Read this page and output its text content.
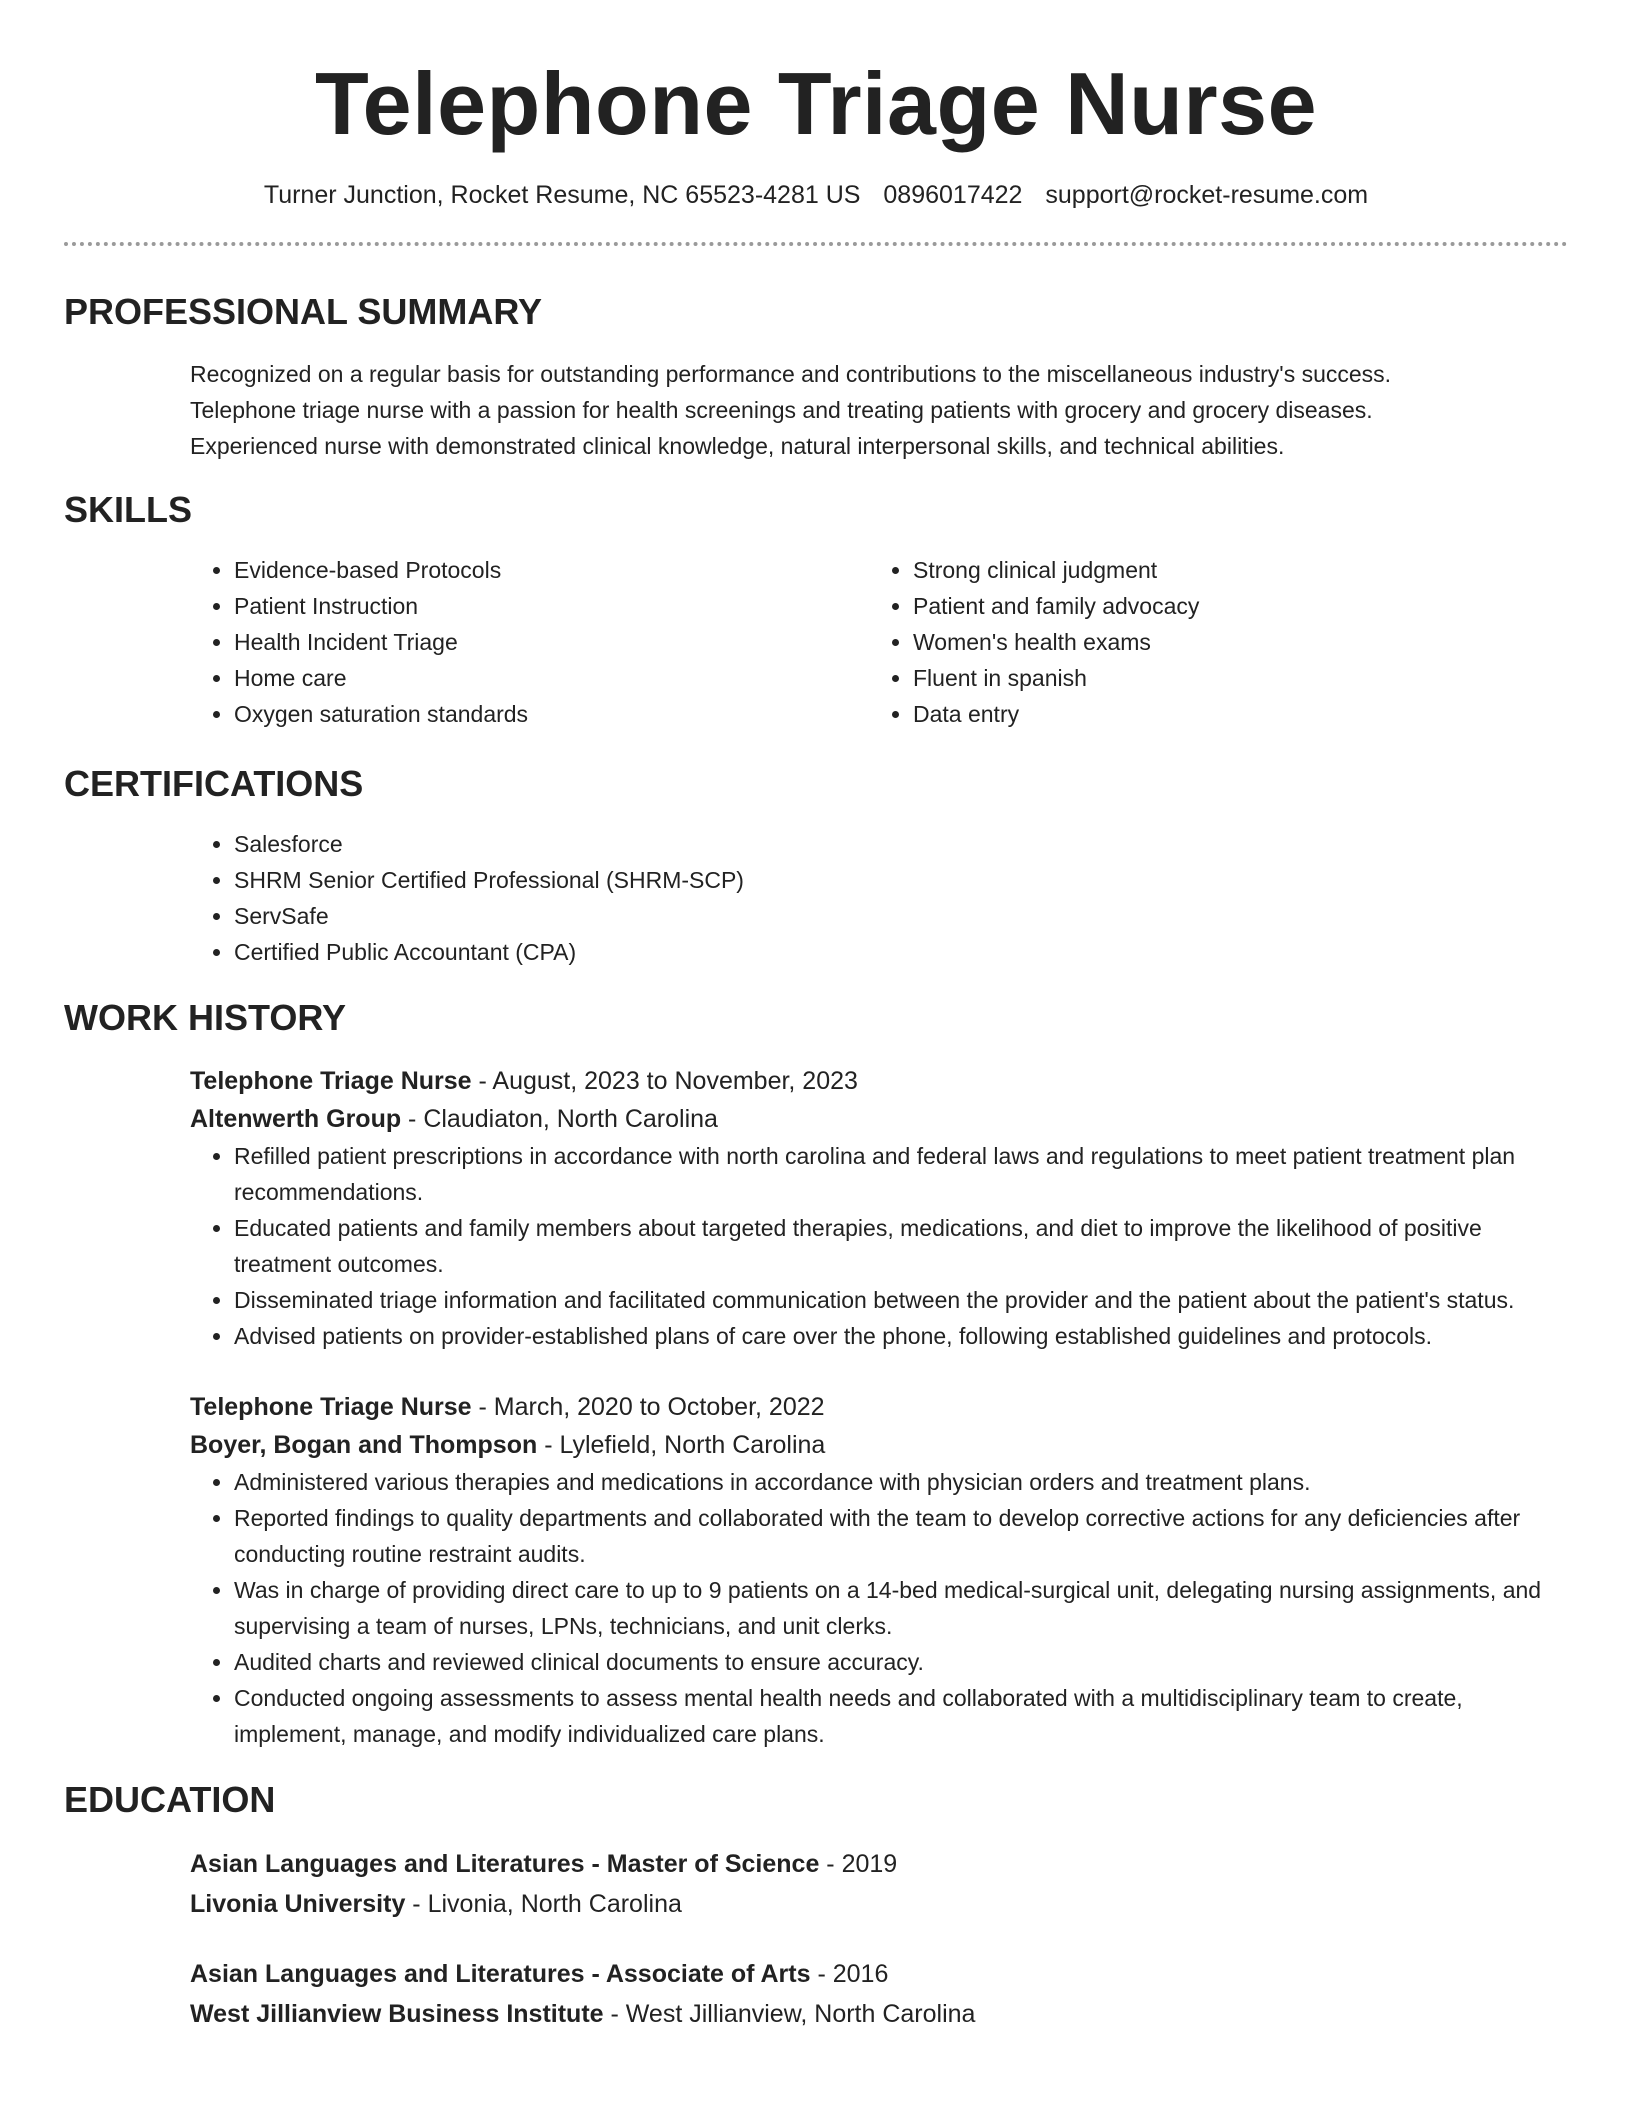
Telephone Triage Nurse
Turner Junction, Rocket Resume, NC 65523-4281 US 0896017422 support@rocket-resume.com
PROFESSIONAL SUMMARY
Recognized on a regular basis for outstanding performance and contributions to the miscellaneous industry's success.
Telephone triage nurse with a passion for health screenings and treating patients with grocery and grocery diseases.
Experienced nurse with demonstrated clinical knowledge, natural interpersonal skills, and technical abilities.
SKILLS
• Evidence-based Protocols
• Patient Instruction
• Health Incident Triage
• Home care
• Oxygen saturation standards
• Strong clinical judgment
• Patient and family advocacy
• Women's health exams
• Fluent in spanish
• Data entry
CERTIFICATIONS
• Salesforce
• SHRM Senior Certified Professional (SHRM-SCP)
• ServSafe
• Certified Public Accountant (CPA)
WORK HISTORY
Telephone Triage Nurse - August, 2023 to November, 2023
Altenwerth Group - Claudiaton, North Carolina
• Refilled patient prescriptions in accordance with north carolina and federal laws and regulations to meet patient treatment plan recommendations.
• Educated patients and family members about targeted therapies, medications, and diet to improve the likelihood of positive treatment outcomes.
• Disseminated triage information and facilitated communication between the provider and the patient about the patient's status.
• Advised patients on provider-established plans of care over the phone, following established guidelines and protocols.
Telephone Triage Nurse - March, 2020 to October, 2022
Boyer, Bogan and Thompson - Lylefield, North Carolina
• Administered various therapies and medications in accordance with physician orders and treatment plans.
• Reported findings to quality departments and collaborated with the team to develop corrective actions for any deficiencies after conducting routine restraint audits.
• Was in charge of providing direct care to up to 9 patients on a 14-bed medical-surgical unit, delegating nursing assignments, and supervising a team of nurses, LPNs, technicians, and unit clerks.
• Audited charts and reviewed clinical documents to ensure accuracy.
• Conducted ongoing assessments to assess mental health needs and collaborated with a multidisciplinary team to create, implement, manage, and modify individualized care plans.
EDUCATION
Asian Languages and Literatures - Master of Science - 2019
Livonia University - Livonia, North Carolina
Asian Languages and Literatures - Associate of Arts - 2016
West Jillianview Business Institute - West Jillianview, North Carolina
